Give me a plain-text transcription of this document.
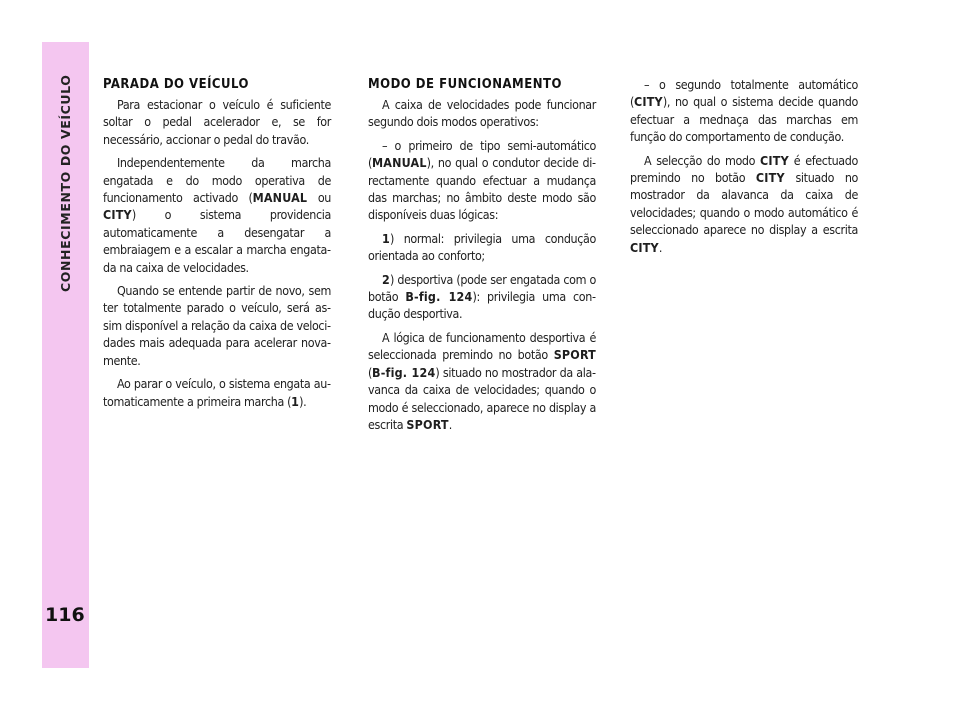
CONHECIMENTO DO VEÍCULO
116
PARADA DO VEÍCULO

Para estacionar o veículo é suficiente soltar o pedal acelerador e, se for necessário, accionar o pedal do travão.

Independentemente da marcha engatada e do modo operativa de funcionamento activado (MANUAL ou CITY) o sistema providencia automaticamente a desengatar a embraiagem e a escalar a marcha engatada na caixa de velocidades.

Quando se entende partir de novo, sem ter totalmente parado o veículo, será assim disponível a relação da caixa de velocidades mais adequada para acelerar novamente.

Ao parar o veículo, o sistema engata automaticamente a primeira marcha (1).

MODO DE FUNCIONAMENTO

A caixa de velocidades pode funcionar segundo dois modos operativos:

– o primeiro de tipo semi-automático (MANUAL), no qual o condutor decide directamente quando efectuar a mudança das marchas; no âmbito deste modo são disponíveis duas lógicas:

1) normal: privilegia uma condução orientada ao conforto;

2) desportiva (pode ser engatada com o botão B-fig. 124): privilegia uma condução desportiva.

A lógica de funcionamento desportiva é seleccionada premindo no botão SPORT (B-fig. 124) situado no mostrador da alavanca da caixa de velocidades; quando o modo é seleccionado, aparece no display a escrita SPORT.

– o segundo totalmente automático (CITY), no qual o sistema decide quando efectuar a mednaça das marchas em função do comportamento de condução.

A selecção do modo CITY é efectuado premindo no botão CITY situado no mostrador da alavanca da caixa de velocidades; quando o modo automático é seleccionado aparece no display a escrita CITY.
